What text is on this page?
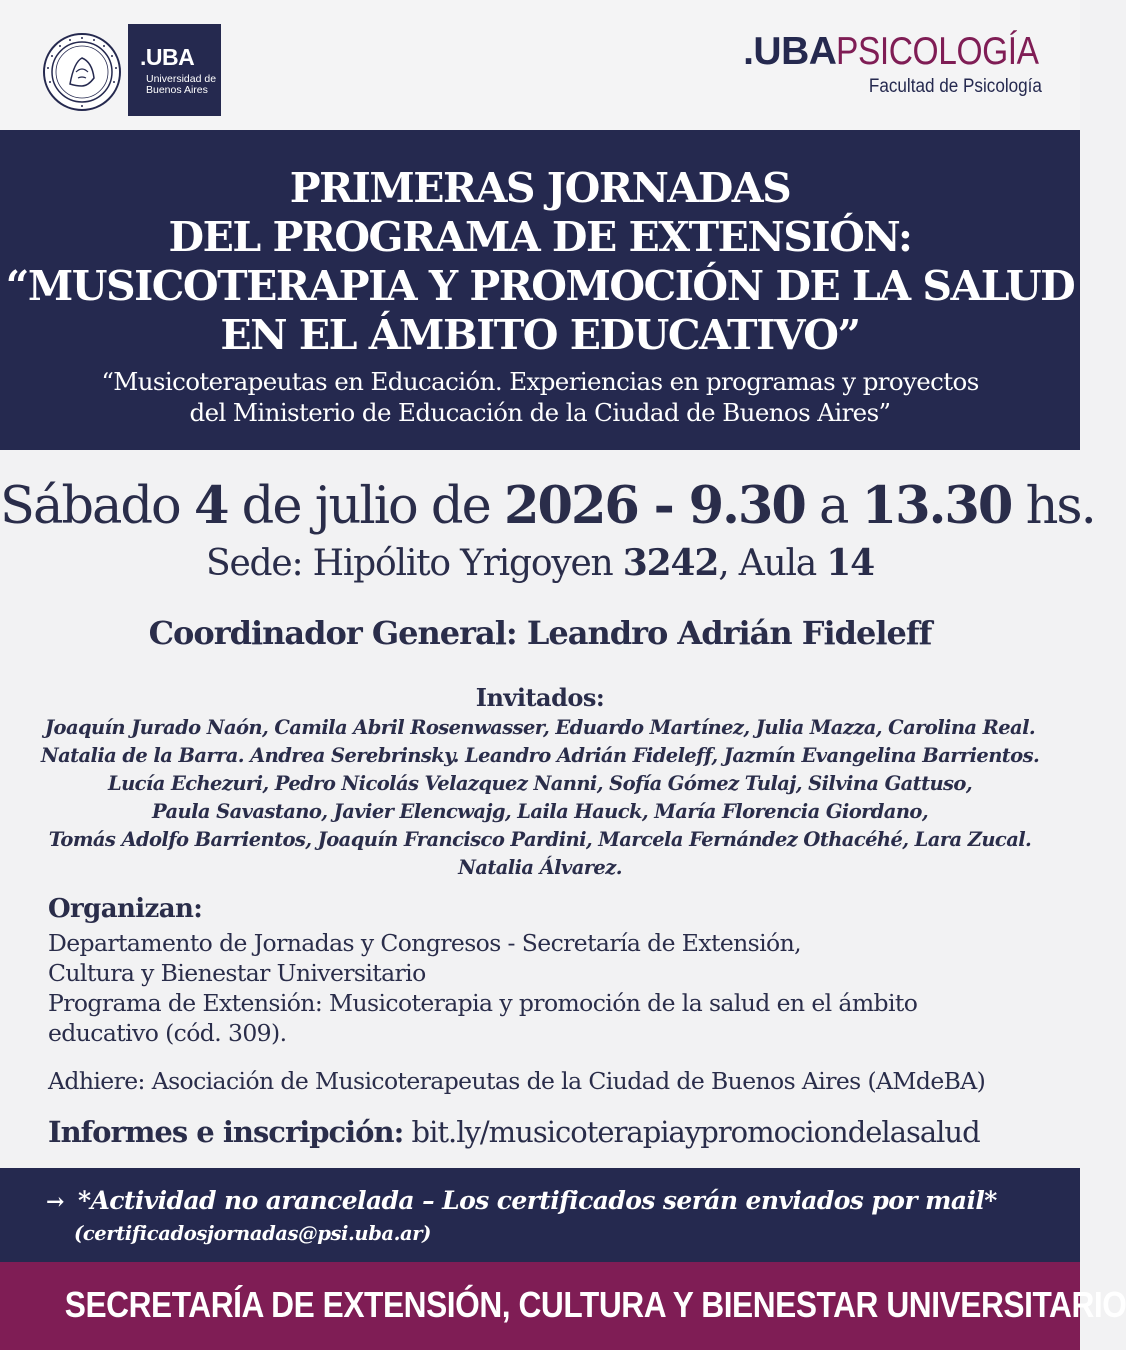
.UBA
Universidad de
Buenos Aires
.UBAPSICOLOGÍA
Facultad de Psicología
PRIMERAS JORNADAS
DEL PROGRAMA DE EXTENSIÓN:
“MUSICOTERAPIA Y PROMOCIÓN DE LA SALUD
EN EL ÁMBITO EDUCATIVO”
“Musicoterapeutas en Educación. Experiencias en programas y proyectos
del Ministerio de Educación de la Ciudad de Buenos Aires”
Sábado 4 de julio de 2026 - 9.30 a 13.30 hs.
Sede: Hipólito Yrigoyen 3242, Aula 14
Coordinador General: Leandro Adrián Fideleff
Invitados:
Joaquín Jurado Naón, Camila Abril Rosenwasser, Eduardo Martínez, Julia Mazza, Carolina Real.
Natalia de la Barra. Andrea Serebrinsky. Leandro Adrián Fideleff, Jazmín Evangelina Barrientos.
Lucía Echezuri, Pedro Nicolás Velazquez Nanni, Sofía Gómez Tulaj, Silvina Gattuso,
Paula Savastano, Javier Elencwajg, Laila Hauck, María Florencia Giordano,
Tomás Adolfo Barrientos, Joaquín Francisco Pardini, Marcela Fernández Othacéhé, Lara Zucal.
Natalia Álvarez.
Organizan:
Departamento de Jornadas y Congresos - Secretaría de Extensión,
Cultura y Bienestar Universitario
Programa de Extensión: Musicoterapia y promoción de la salud en el ámbito
educativo (cód. 309).
Adhiere: Asociación de Musicoterapeutas de la Ciudad de Buenos Aires (AMdeBA)
Informes e inscripción: bit.ly/musicoterapiaypromociondelasalud
→ *Actividad no arancelada – Los certificados serán enviados por mail*
(certificadosjornadas@psi.uba.ar)
SECRETARÍA DE EXTENSIÓN, CULTURA Y BIENESTAR UNIVERSITARIO
